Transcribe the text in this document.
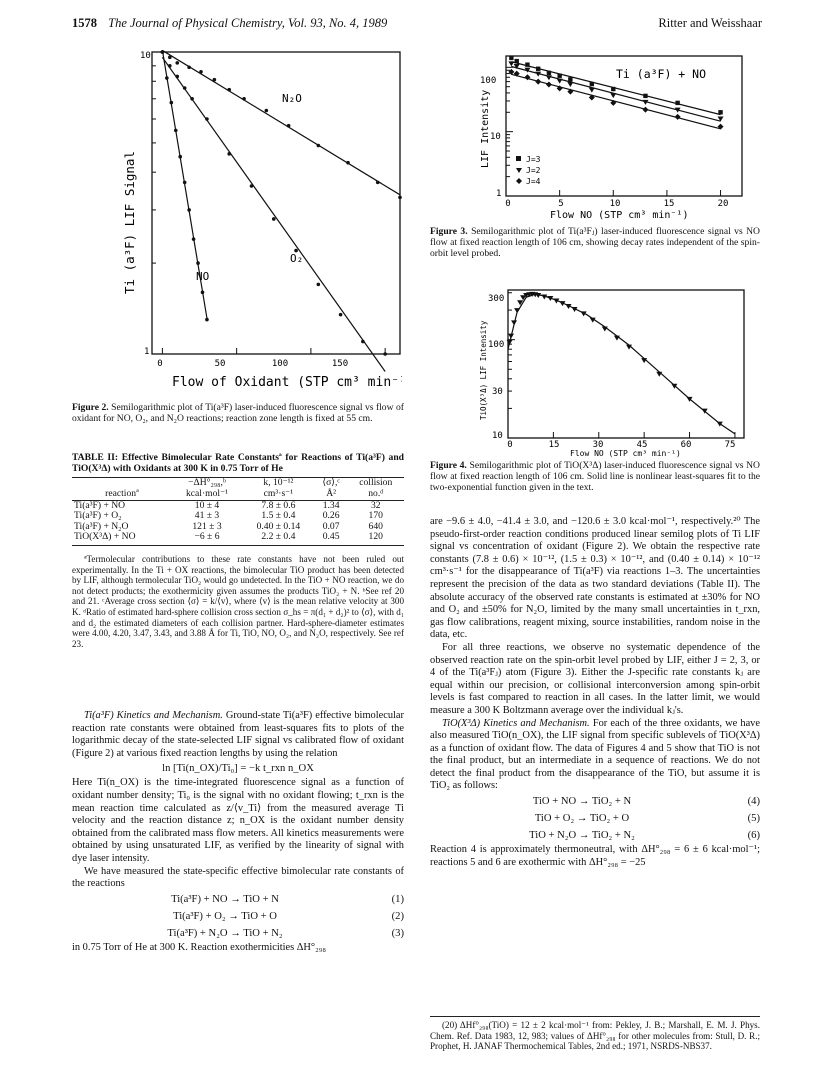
1578 The Journal of Physical Chemistry, Vol. 93, No. 4, 1989	Ritter and Weisshaar
10
1
0	50	100	150
N₂O
O₂
NO
Ti (a³F) LIF Signal
Flow of Oxidant (STP cm³ min⁻¹)
Figure 2. Semilogarithmic plot of Ti(a³F) laser-induced fluorescence signal vs flow of oxidant for NO, O₂, and N₂O reactions; reaction zone length is fixed at 55 cm.
TABLE II: Effective Bimolecular Rate Constantsª for Reactions of Ti(a³F) and TiO(X³Δ) with Oxidants at 300 K in 0.75 Torr of He
	−ΔH°₂₉₈,ᵇ	k, 10⁻¹²	⟨σ⟩,ᶜ	collision
reactionª	kcal·mol⁻¹	cm³·s⁻¹	Å²	no.ᵈ
Ti(a³F) + NO	10 ± 4	7.8 ± 0.6	1.34	32
Ti(a³F) + O₂	41 ± 3	1.5 ± 0.4	0.26	170
Ti(a³F) + N₂O	121 ± 3	0.40 ± 0.14	0.07	640
TiO(X³Δ) + NO	−6 ± 6	2.2 ± 0.4	0.45	120
ªTermolecular contributions to these rate constants have not been ruled out experimentally. In the Ti + OX reactions, the bimolecular TiO product has been detected by LIF, although termolecular TiO₂ would go undetected. In the TiO + NO reaction, we do not detect products; the exothermicity given assumes the products TiO₂ + N. ᵇSee ref 20 and 21. ᶜAverage cross section ⟨σ⟩ = k/⟨v⟩, where ⟨v⟩ is the mean relative velocity at 300 K. ᵈRatio of estimated hard-sphere collision cross section σ_hs = π(d₁ + d₂)² to ⟨σ⟩, with d₁ and d₂ the estimated diameters of each collision partner. Hard-sphere-diameter estimates were 4.00, 4.20, 3.47, 3.43, and 3.88 Å for Ti, TiO, NO, O₂, and N₂O, respectively. See ref 23.

Ti(a³F) Kinetics and Mechanism. Ground-state Ti(a³F) effective bimolecular reaction rate constants were obtained from least-squares fits to plots of the logarithmic decay of the state-selected LIF signal vs calibrated flow of oxidant (Figure 2) at various fixed reaction lengths by using the relation

ln [Ti(n_OX)/Ti₀] = −k t_rxn n_OX

Here Ti(n_OX) is the time-integrated fluorescence signal as a function of oxidant number density; Ti₀ is the signal with no oxidant flowing; t_rxn is the mean reaction time calculated as z/⟨v_Ti⟩ from the measured average Ti velocity and the reaction distance z; n_OX is the oxidant number density obtained from the calibrated mass flow meters. All kinetics measurements were obtained by using unsaturated LIF, as verified by the linearity of signal with dye laser intensity.

We have measured the state-specific effective bimolecular rate constants of the reactions

Ti(a³F) + NO → TiO + N	(1)
Ti(a³F) + O₂ → TiO + O	(2)
Ti(a³F) + N₂O → TiO + N₂	(3)

in 0.75 Torr of He at 300 K. Reaction exothermicities ΔH°₂₉₈

Ti (a³F) + NO
100
10
1
0	5	10	15	20
LIF Intensity
Flow NO (STP cm³ min⁻¹)
J=3
J=2
J=4
Figure 3. Semilogarithmic plot of Ti(a³Fⱼ) laser-induced fluorescence signal vs NO flow at fixed reaction length of 106 cm, showing decay rates independent of the spin-orbit level probed.
300
100
30
10
0	15	30	45	60	75
TiO(X³Δ) LIF Intensity
Flow NO (STP cm³ min⁻¹)
Figure 4. Semilogarithmic plot of TiO(X³Δ) laser-induced fluorescence signal vs NO flow at fixed reaction length of 106 cm. Solid line is nonlinear least-squares fit to the two-exponential function given in the text.

are −9.6 ± 4.0, −41.4 ± 3.0, and −120.6 ± 3.0 kcal·mol⁻¹, respectively.²⁰ The pseudo-first-order reaction conditions produced linear semilog plots of Ti LIF signal vs concentration of oxidant (Figure 2). We obtain the respective rate constants (7.8 ± 0.6) × 10⁻¹², (1.5 ± 0.3) × 10⁻¹², and (0.40 ± 0.14) × 10⁻¹² cm³·s⁻¹ for the disappearance of Ti(a³F) via reactions 1–3. The uncertainties represent the precision of the data as two standard deviations (Table II). The absolute accuracy of the observed rate constants is estimated at ±30% for NO and O₂ and ±50% for N₂O, limited by the many small uncertainties in t_rxn, gas flow calibrations, reagent mixing, source instabilities, random noise in the data, etc.

For all three reactions, we observe no systematic dependence of the observed reaction rate on the spin-orbit level probed by LIF, either J = 2, 3, or 4 of the Ti(a³Fⱼ) atom (Figure 3). Either the J-specific rate constants kⱼ are equal within our precision, or collisional interconversion among spin-orbit levels is fast compared to reaction in all cases. In the latter limit, we would measure a 300 K Boltzmann average over the individual kⱼ's.

TiO(X³Δ) Kinetics and Mechanism. For each of the three oxidants, we have also measured TiO(n_OX), the LIF signal from specific sublevels of TiO(X³Δ) as a function of oxidant flow. The data of Figures 4 and 5 show that TiO is not the final product, but an intermediate in a sequence of reactions. We do not detect the final product from the disappearance of the TiO, but assume it is TiO₂ as follows:

TiO + NO → TiO₂ + N	(4)
TiO + O₂ → TiO₂ + O	(5)
TiO + N₂O → TiO₂ + N₂	(6)

Reaction 4 is approximately thermoneutral, with ΔH°₂₉₈ = 6 ± 6 kcal·mol⁻¹; reactions 5 and 6 are exothermic with ΔH°₂₉₈ = −25

(20) ΔHf°₂₉₈(TiO) = 12 ± 2 kcal·mol⁻¹ from: Pekley, J. B.; Marshall, E. M. J. Phys. Chem. Ref. Data 1983, 12, 983; values of ΔHf°₂₉₈ for other molecules from: Stull, D. R.; Prophet, H. JANAF Thermochemical Tables, 2nd ed.; 1971, NSRDS-NBS37.
